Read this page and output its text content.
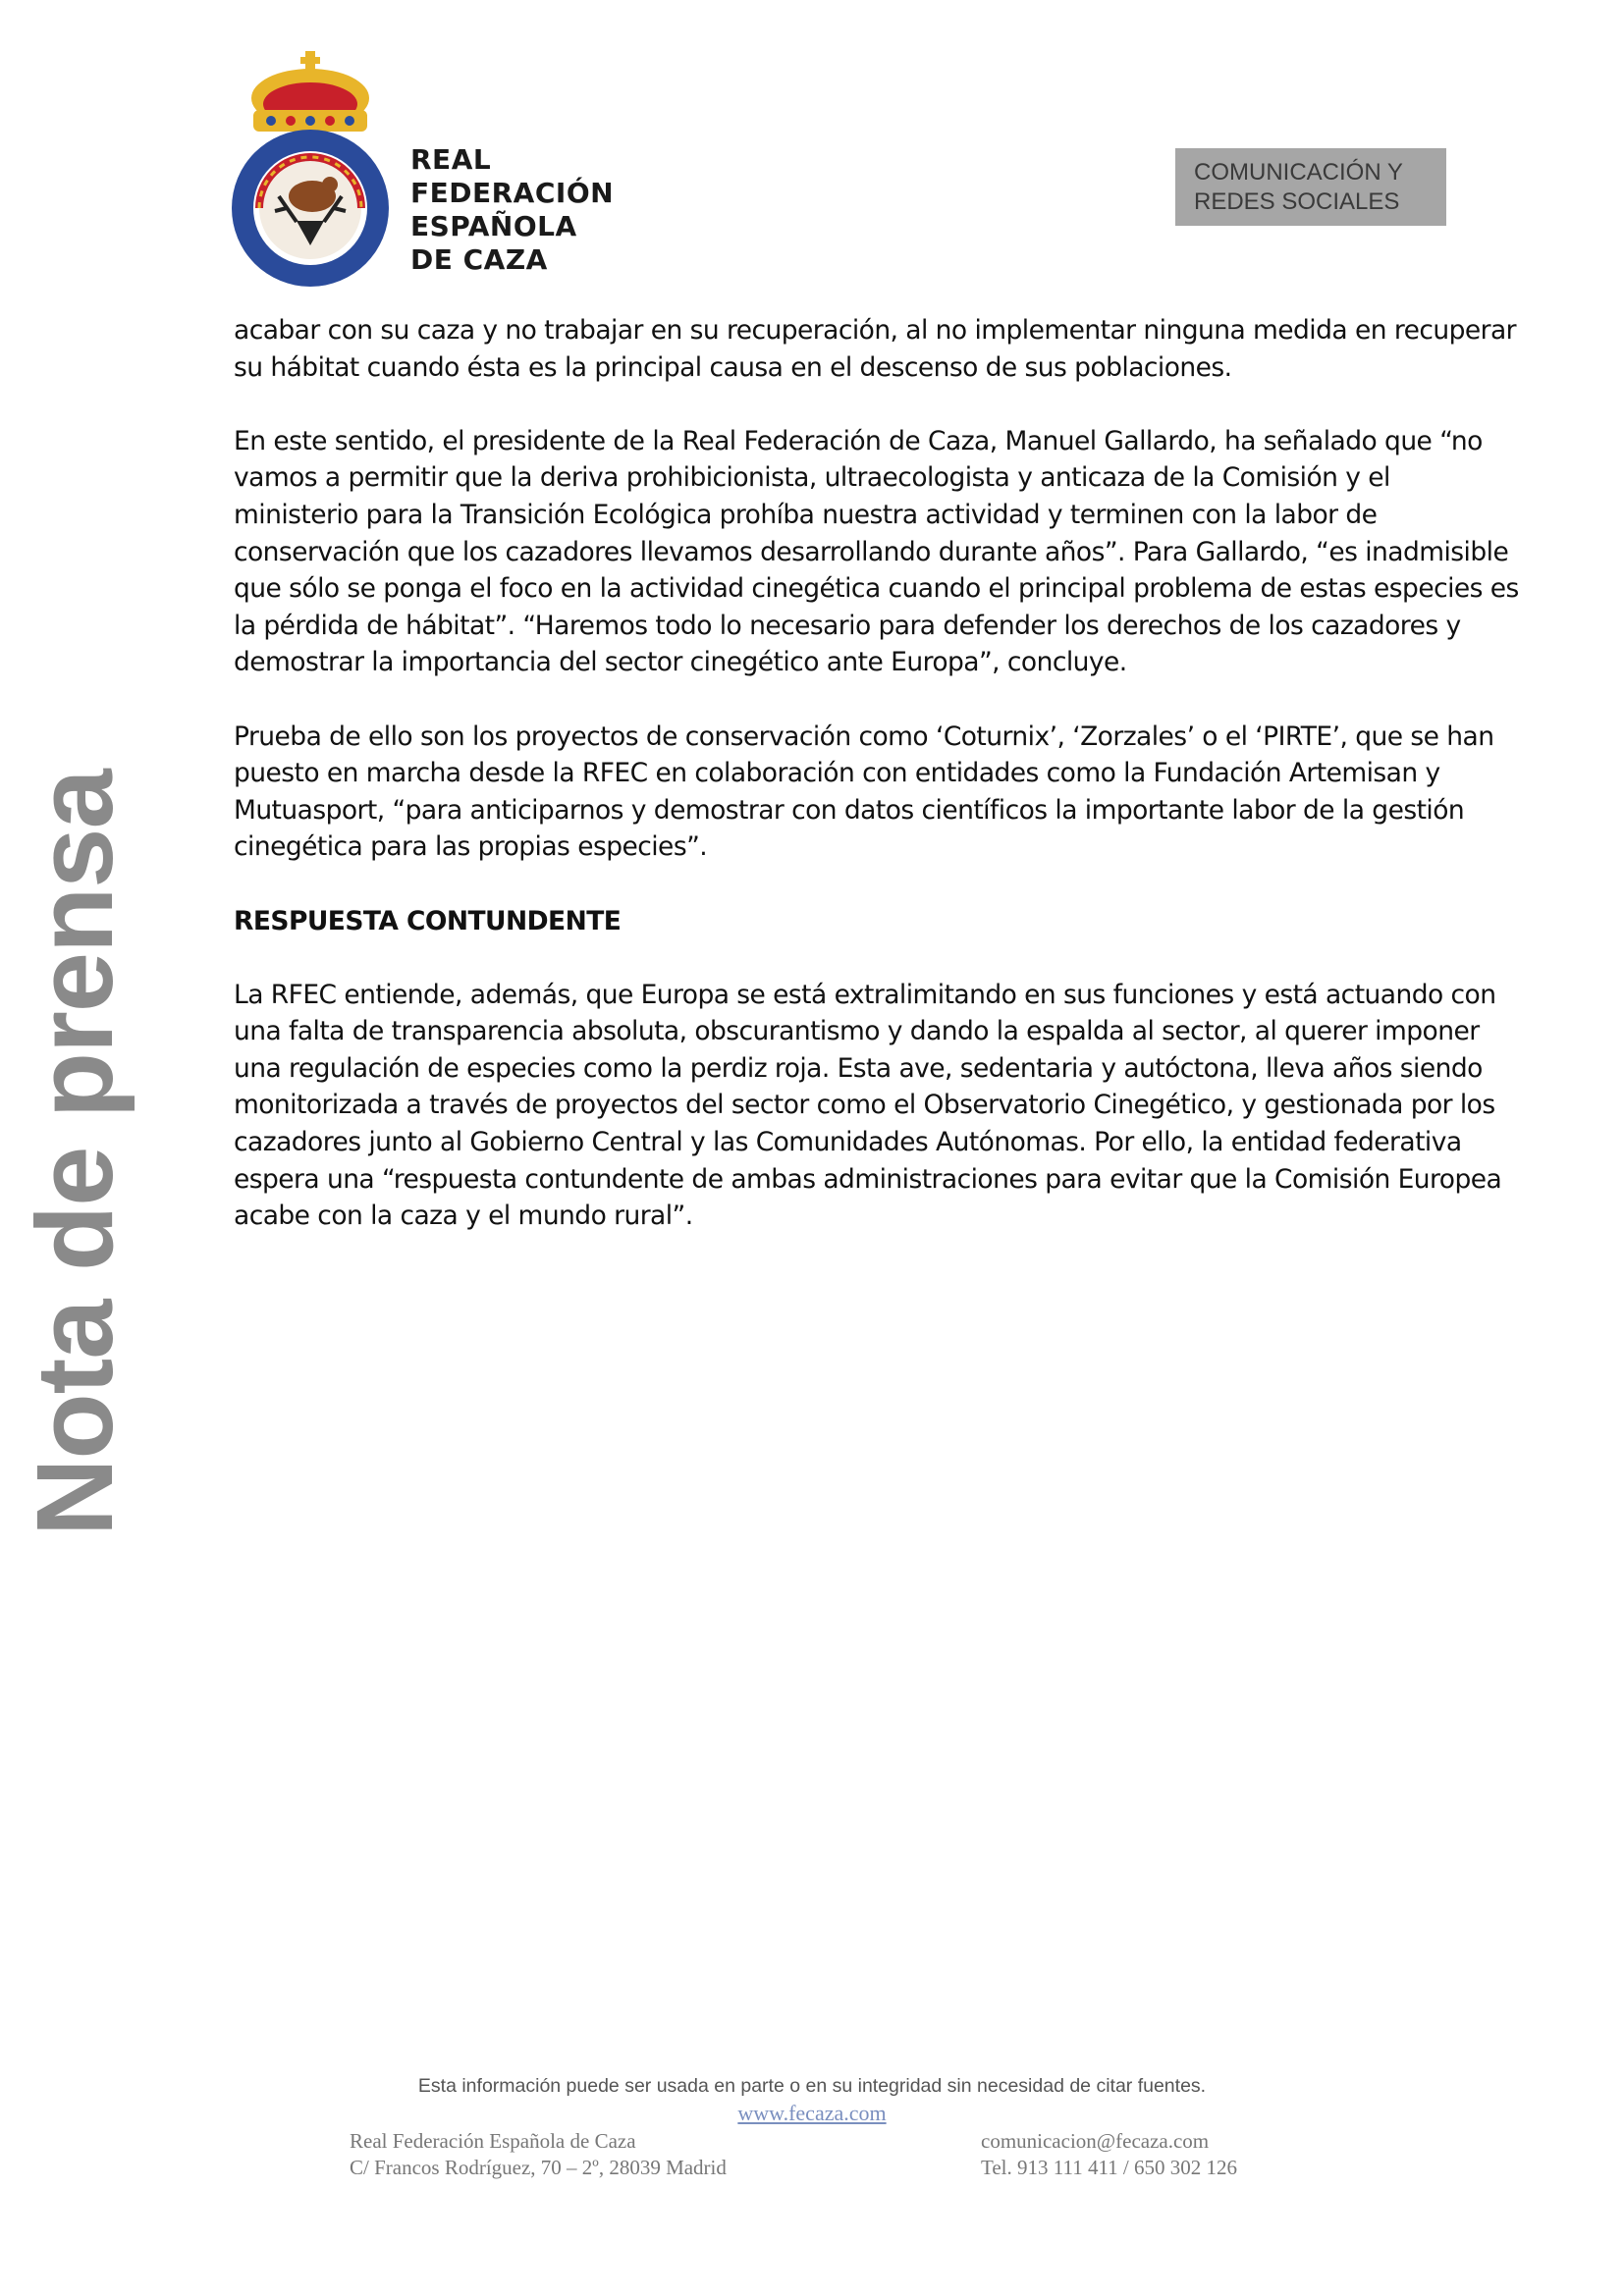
REAL
FEDERACIÓN
ESPAÑOLA
DE CAZA
COMUNICACIÓN Y
REDES SOCIALES
Nota de prensa

acabar con su caza y no trabajar en su recuperación, al no implementar ninguna medida en recuperar
su hábitat cuando ésta es la principal causa en el descenso de sus poblaciones.

En este sentido, el presidente de la Real Federación de Caza, Manuel Gallardo, ha señalado que “no
vamos a permitir que la deriva prohibicionista, ultraecologista y anticaza de la Comisión y el
ministerio para la Transición Ecológica prohíba nuestra actividad y terminen con la labor de
conservación que los cazadores llevamos desarrollando durante años”. Para Gallardo, “es inadmisible
que sólo se ponga el foco en la actividad cinegética cuando el principal problema de estas especies es
la pérdida de hábitat”. “Haremos todo lo necesario para defender los derechos de los cazadores y
demostrar la importancia del sector cinegético ante Europa”, concluye.

Prueba de ello son los proyectos de conservación como ‘Coturnix’, ‘Zorzales’ o el ‘PIRTE’, que se han
puesto en marcha desde la RFEC en colaboración con entidades como la Fundación Artemisan y
Mutuasport, “para anticiparnos y demostrar con datos científicos la importante labor de la gestión
cinegética para las propias especies”.

RESPUESTA CONTUNDENTE

La RFEC entiende, además, que Europa se está extralimitando en sus funciones y está actuando con
una falta de transparencia absoluta, obscurantismo y dando la espalda al sector, al querer imponer
una regulación de especies como la perdiz roja. Esta ave, sedentaria y autóctona, lleva años siendo
monitorizada a través de proyectos del sector como el Observatorio Cinegético, y gestionada por los
cazadores junto al Gobierno Central y las Comunidades Autónomas. Por ello, la entidad federativa
espera una “respuesta contundente de ambas administraciones para evitar que la Comisión Europea
acabe con la caza y el mundo rural”.

Esta información puede ser usada en parte o en su integridad sin necesidad de citar fuentes.
www.fecaza.com
Real Federación Española de Caza
C/ Francos Rodríguez, 70 – 2º, 28039 Madrid
comunicacion@fecaza.com
Tel. 913 111 411 / 650 302 126
